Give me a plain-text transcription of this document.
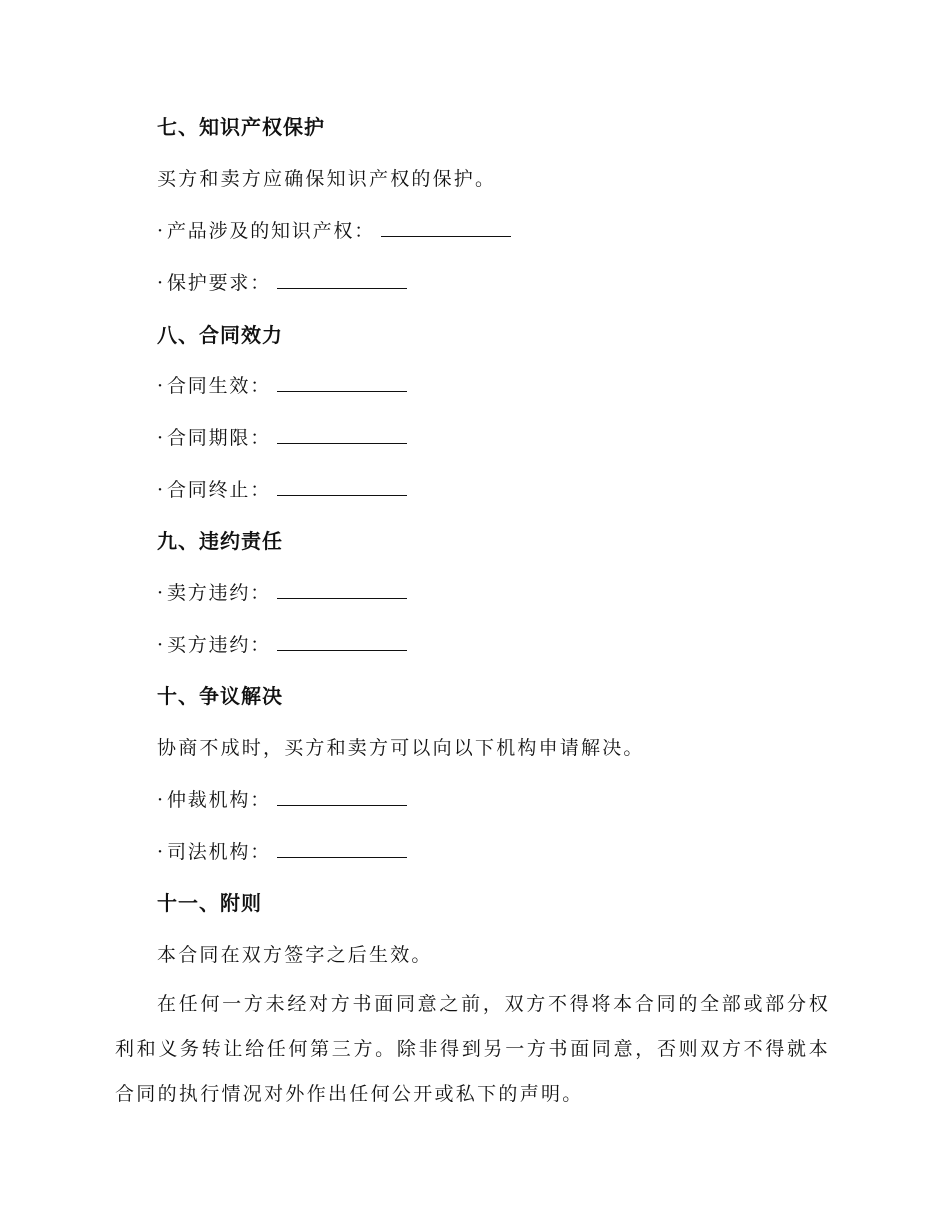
七、知识产权保护
买方和卖方应确保知识产权的保护。
· 产品涉及的知识产权：
· 保护要求：
八、合同效力
· 合同生效：
· 合同期限：
· 合同终止：
九、违约责任
· 卖方违约：
· 买方违约：
十、争议解决
协商不成时，买方和卖方可以向以下机构申请解决。
· 仲裁机构：
· 司法机构：
十一、附则
本合同在双方签字之后生效。
在任何一方未经对方书面同意之前，双方不得将本合同的全部或部分权利和义务转让给任何第三方。除非得到另一方书面同意，否则双方不得就本合同的执行情况对外作出任何公开或私下的声明。
